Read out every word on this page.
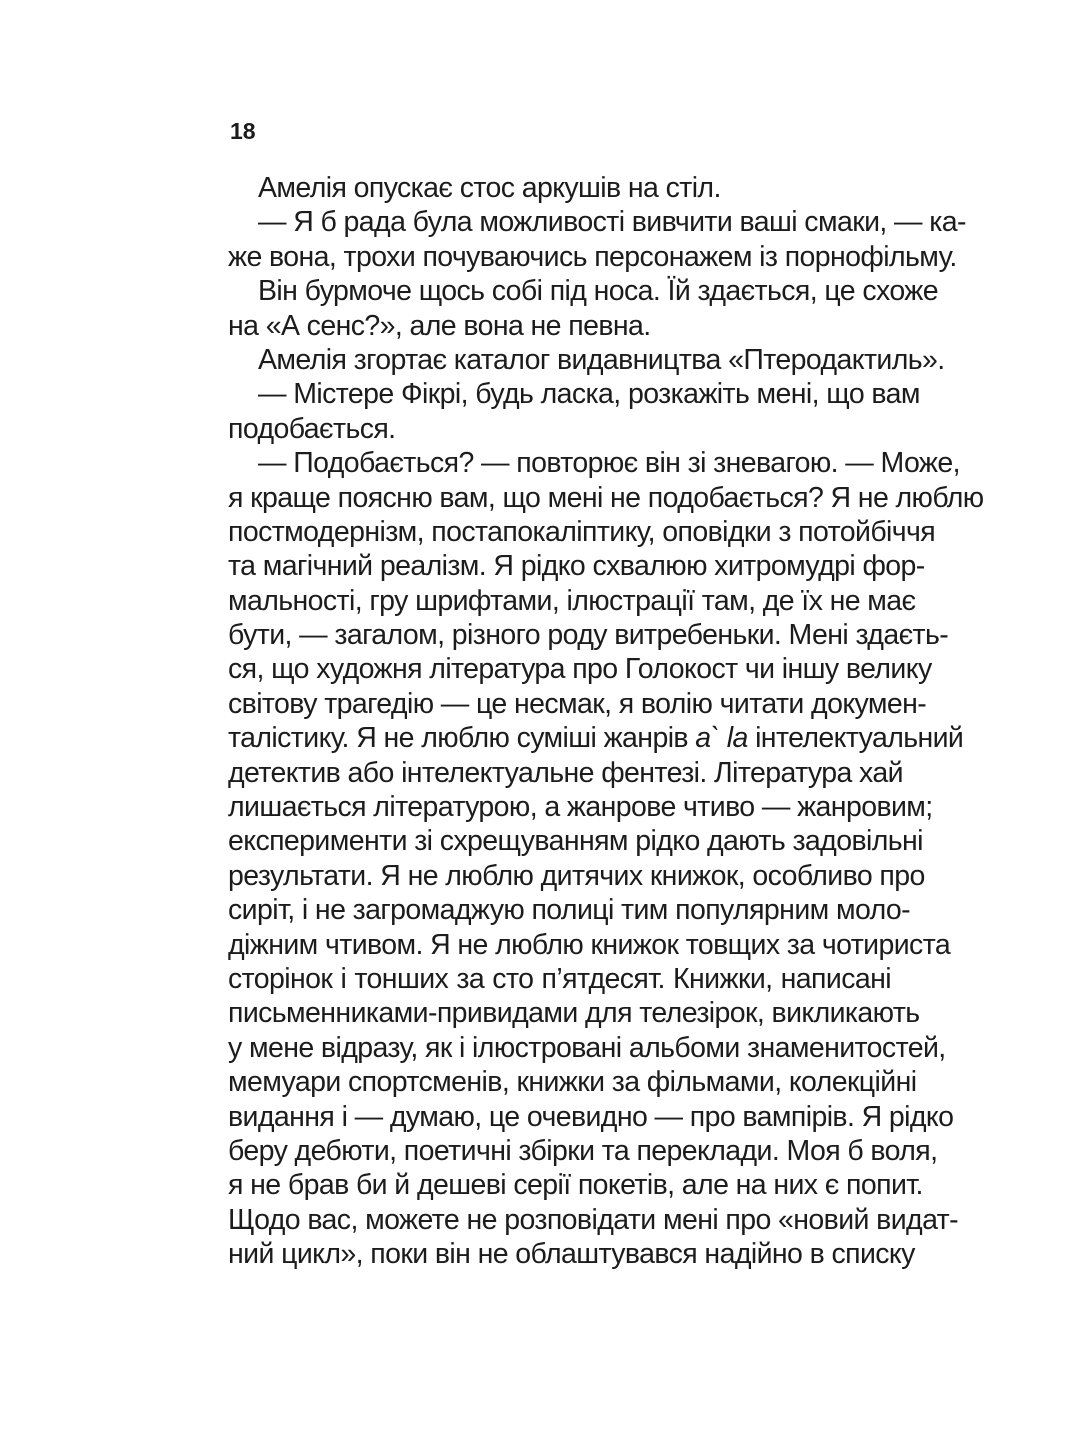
18
Амелія опускає стос аркушів на стіл.
— Я б рада була можливості вивчити ваші смаки, — ка-
же вона, трохи почуваючись персонажем із порнофільму.
Він бурмоче щось собі під носа. Їй здається, це схоже
на «А сенс?», але вона не певна.
Амелія згортає каталог видавництва «Птеродактиль».
— Містере Фікрі, будь ласка, розкажіть мені, що вам
подобається.
— Подобається? — повторює він зі зневагою. — Може,
я краще поясню вам, що мені не подобається? Я не люблю
постмодернізм, постапокаліптику, оповідки з потойбіччя
та магічний реалізм. Я рідко схвалюю хитромудрі фор-
мальності, гру шрифтами, ілюстрації там, де їх не має
бути, — загалом, різного роду витребеньки. Мені здаєть-
ся, що художня література про Голокост чи іншу велику
світову трагедію — це несмак, я волію читати докумен-
талістику. Я не люблю суміші жанрів a` la інтелектуальний
детектив або інтелектуальне фентезі. Література хай
лишається літературою, а жанрове чтиво — жанровим;
експерименти зі схрещуванням рідко дають задовільні
результати. Я не люблю дитячих книжок, особливо про
сиріт, і не загромаджую полиці тим популярним моло-
діжним чтивом. Я не люблю книжок товщих за чотириста
сторінок і тонших за сто п’ятдесят. Книжки, написані
письменниками-привидами для телезірок, викликають
у мене відразу, як і ілюстровані альбоми знаменитостей,
мемуари спортсменів, книжки за фільмами, колекційні
видання і — думаю, це очевидно — про вампірів. Я рідко
беру дебюти, поетичні збірки та переклади. Моя б воля,
я не брав би й дешеві серії покетів, але на них є попит.
Щодо вас, можете не розповідати мені про «новий видат-
ний цикл», поки він не облаштувався надійно в списку
